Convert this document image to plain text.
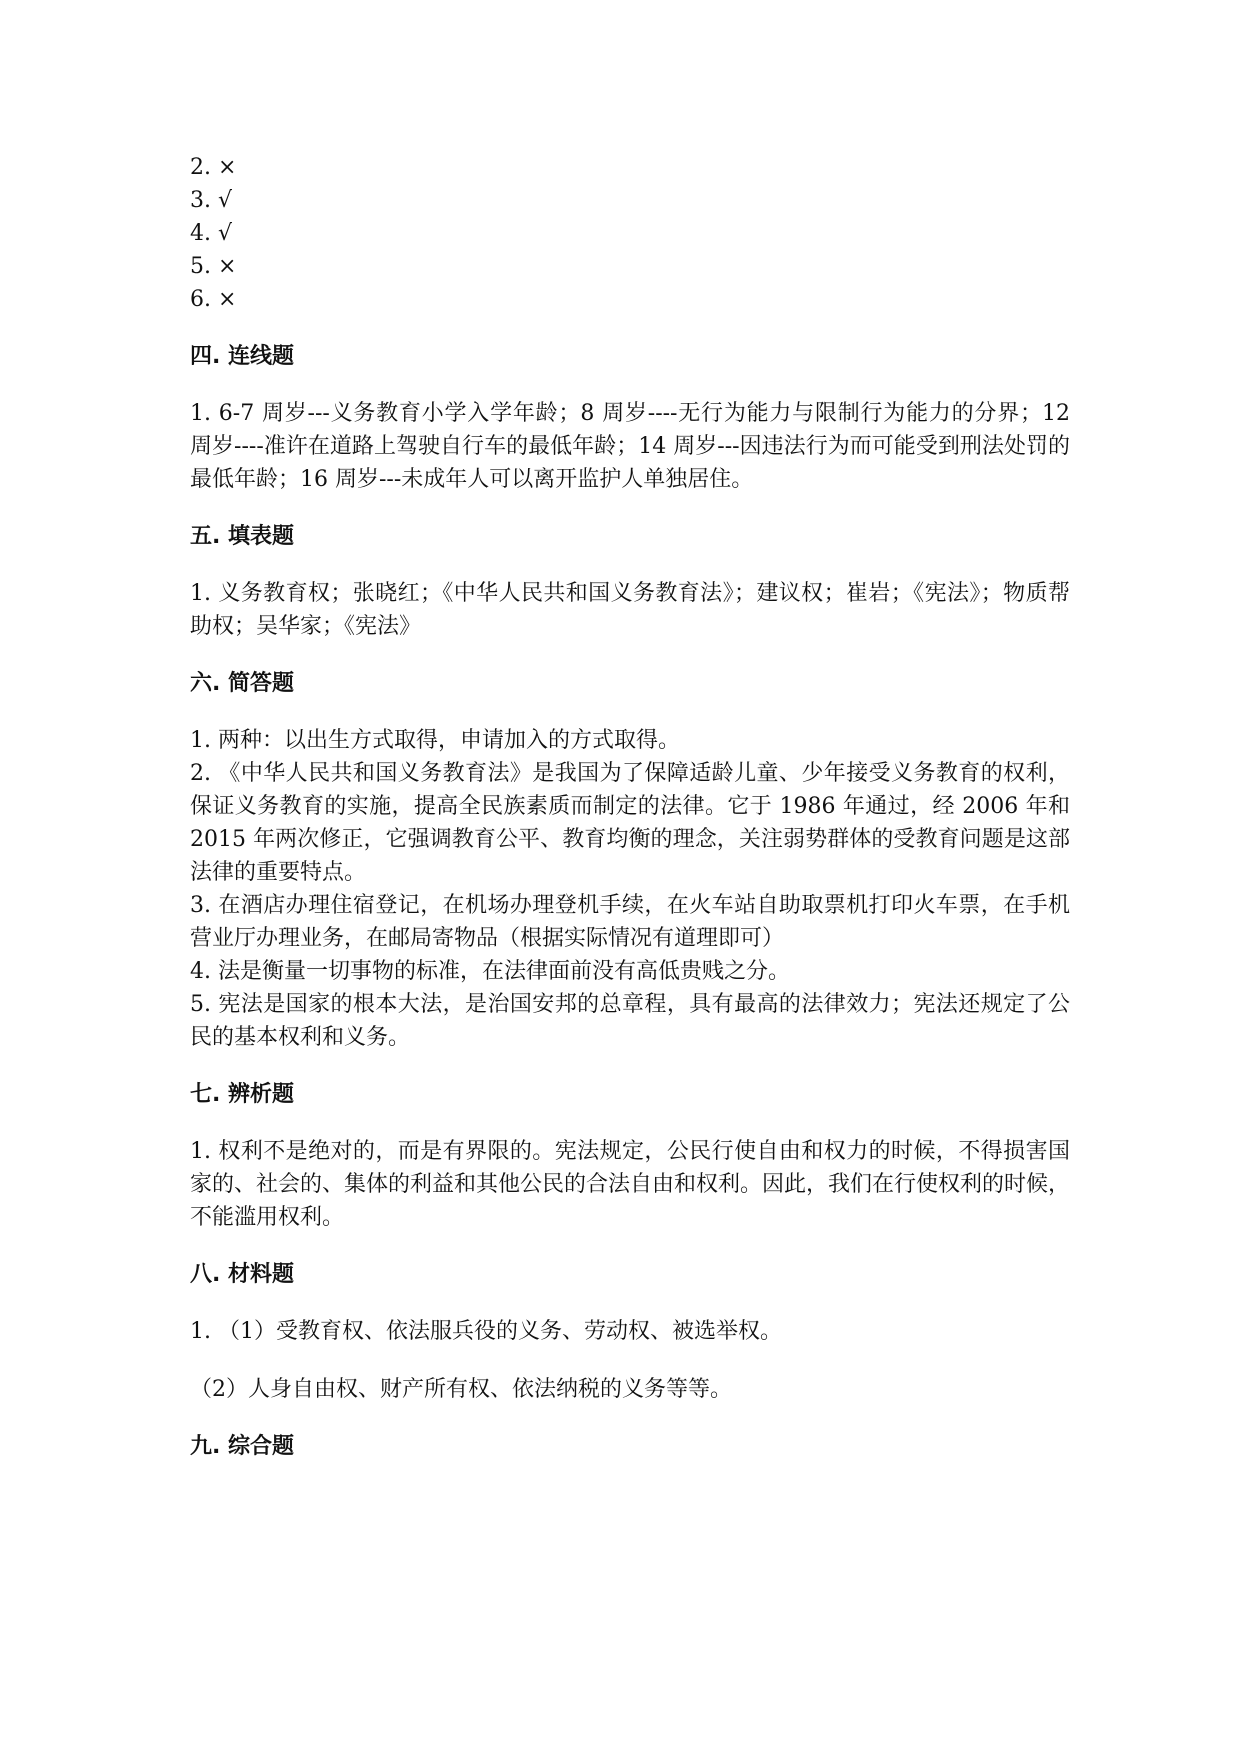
2. ×
3. √
4. √
5. ×
6. ×
四. 连线题
1. 6-7 周岁---义务教育小学入学年龄；8 周岁----无行为能力与限制行为能力的分界；12 周岁----准许在道路上驾驶自行车的最低年龄；14 周岁---因违法行为而可能受到刑法处罚的最低年龄；16 周岁---未成年人可以离开监护人单独居住。
五. 填表题
1. 义务教育权；张晓红；《中华人民共和国义务教育法》；建议权；崔岩；《宪法》；物质帮助权；吴华家；《宪法》
六. 简答题
1. 两种：以出生方式取得，申请加入的方式取得。
2. 《中华人民共和国义务教育法》是我国为了保障适龄儿童、少年接受义务教育的权利，保证义务教育的实施，提高全民族素质而制定的法律。它于 1986 年通过，经 2006 年和 2015 年两次修正，它强调教育公平、教育均衡的理念，关注弱势群体的受教育问题是这部法律的重要特点。
3. 在酒店办理住宿登记，在机场办理登机手续，在火车站自助取票机打印火车票，在手机营业厅办理业务，在邮局寄物品（根据实际情况有道理即可）
4. 法是衡量一切事物的标准，在法律面前没有高低贵贱之分。
5. 宪法是国家的根本大法，是治国安邦的总章程，具有最高的法律效力；宪法还规定了公民的基本权利和义务。
七. 辨析题
1. 权利不是绝对的，而是有界限的。宪法规定，公民行使自由和权力的时候，不得损害国家的、社会的、集体的利益和其他公民的合法自由和权利。因此，我们在行使权利的时候，不能滥用权利。
八. 材料题
1. （1）受教育权、依法服兵役的义务、劳动权、被选举权。
（2）人身自由权、财产所有权、依法纳税的义务等等。
九. 综合题
